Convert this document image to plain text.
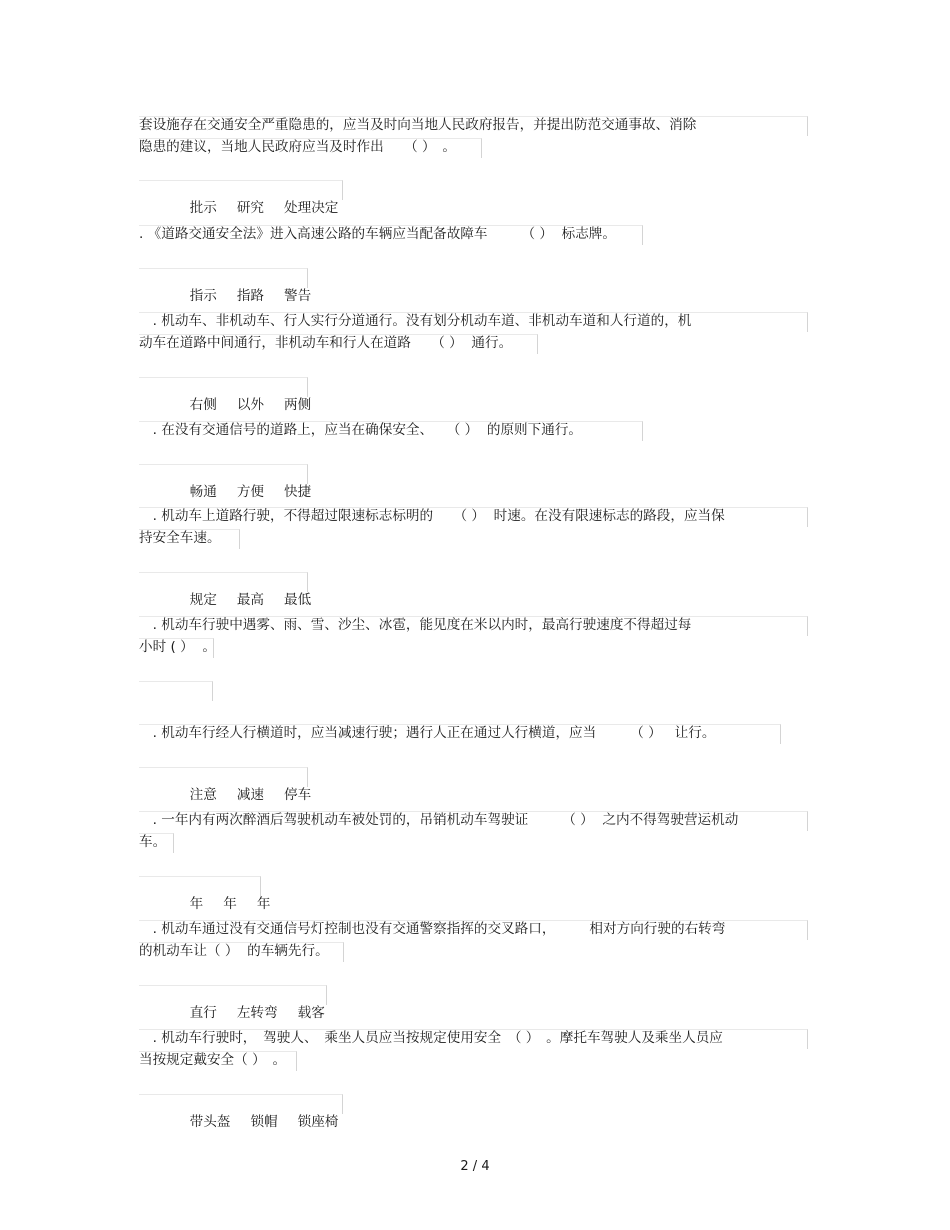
套设施存在交通安全严重隐患的，应当及时向当地人民政府报告，并提出防范交通事故、消除
隐患的建议，当地人民政府应当及时作出　　（ ）　。

批示 研究 处理决定

. 《道路交通安全法》进入高速公路的车辆应当配备故障车　　　（ ）  标志牌。

指示 指路 警告

　. 机动车、非机动车、行人实行分道通行。没有划分机动车道、非机动车道和人行道的，机
动车在道路中间通行，非机动车和行人在道路　　（ ）  通行。

右侧 以外 两侧

　. 在没有交通信号的道路上，应当在确保安全、　　（ ）  的原则下通行。

畅通 方便 快捷

　. 机动车上道路行驶，不得超过限速标志标明的　　（ ）  时速。在没有限速标志的路段，应当保
持安全车速。

规定 最高 最低

　. 机动车行驶中遇雾、雨、雪、沙尘、冰雹，能见度在米以内时，最高行驶速度不得超过每
小时 ( ）  。
　. 机动车行经人行横道时，应当减速行驶；遇行人正在通过人行横道，应当　　　（ ）   让行。

注意 减速 停车

　. 一年内有两次醉酒后驾驶机动车被处罚的，吊销机动车驾驶证　　　（ ）  之内不得驾驶营运机动
车。

年 年 年

　. 机动车通过没有交通信号灯控制也没有交通警察指挥的交叉路口，　　　相对方向行驶的右转弯
的机动车让（ ）  的车辆先行。

直行 左转弯 载客

　. 机动车行驶时，　驾驶人、　乘坐人员应当按规定使用安全　（ ）　。摩托车驾驶人及乘坐人员应
当按规定戴安全（ ）　。

带头盔 锁帽 锁座椅

2 / 4
